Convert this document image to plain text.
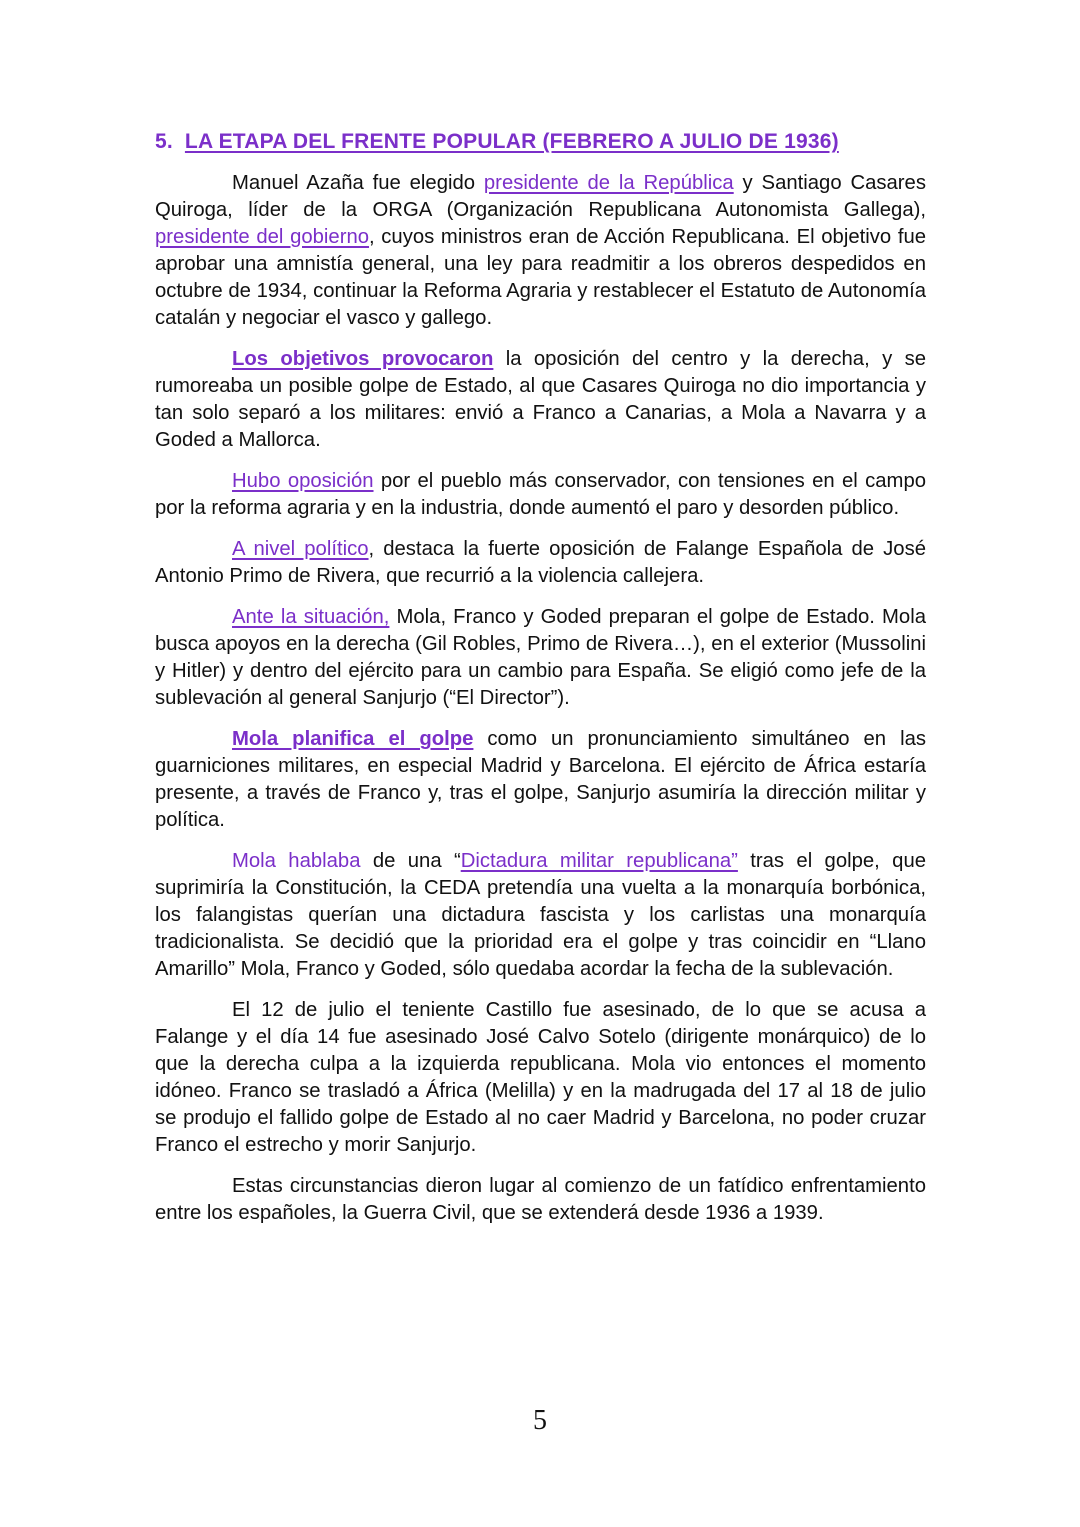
5. LA ETAPA DEL FRENTE POPULAR (FEBRERO A JULIO DE 1936)

Manuel Azaña fue elegido presidente de la República y Santiago Casares Quiroga, líder de la ORGA (Organización Republicana Autonomista Gallega), presidente del gobierno, cuyos ministros eran de Acción Republicana. El objetivo fue aprobar una amnistía general, una ley para readmitir a los obreros despedidos en octubre de 1934, continuar la Reforma Agraria y restablecer el Estatuto de Autonomía catalán y negociar el vasco y gallego.

Los objetivos provocaron la oposición del centro y la derecha, y se rumoreaba un posible golpe de Estado, al que Casares Quiroga no dio importancia y tan solo separó a los militares: envió a Franco a Canarias, a Mola a Navarra y a Goded a Mallorca.

Hubo oposición por el pueblo más conservador, con tensiones en el campo por la reforma agraria y en la industria, donde aumentó el paro y desorden público.

A nivel político, destaca la fuerte oposición de Falange Española de José Antonio Primo de Rivera, que recurrió a la violencia callejera.

Ante la situación, Mola, Franco y Goded preparan el golpe de Estado. Mola busca apoyos en la derecha (Gil Robles, Primo de Rivera…), en el exterior (Mussolini y Hitler) y dentro del ejército para un cambio para España. Se eligió como jefe de la sublevación al general Sanjurjo (“El Director”).

Mola planifica el golpe como un pronunciamiento simultáneo en las guarniciones militares, en especial Madrid y Barcelona. El ejército de África estaría presente, a través de Franco y, tras el golpe, Sanjurjo asumiría la dirección militar y política.

Mola hablaba de una “Dictadura militar republicana” tras el golpe, que suprimiría la Constitución, la CEDA pretendía una vuelta a la monarquía borbónica, los falangistas querían una dictadura fascista y los carlistas una monarquía tradicionalista. Se decidió que la prioridad era el golpe y tras coincidir en “Llano Amarillo” Mola, Franco y Goded, sólo quedaba acordar la fecha de la sublevación.

El 12 de julio el teniente Castillo fue asesinado, de lo que se acusa a Falange y el día 14 fue asesinado José Calvo Sotelo (dirigente monárquico) de lo que la derecha culpa a la izquierda republicana. Mola vio entonces el momento idóneo. Franco se trasladó a África (Melilla) y en la madrugada del 17 al 18 de julio se produjo el fallido golpe de Estado al no caer Madrid y Barcelona, no poder cruzar Franco el estrecho y morir Sanjurjo.

Estas circunstancias dieron lugar al comienzo de un fatídico enfrentamiento entre los españoles, la Guerra Civil, que se extenderá desde 1936 a 1939.

5
